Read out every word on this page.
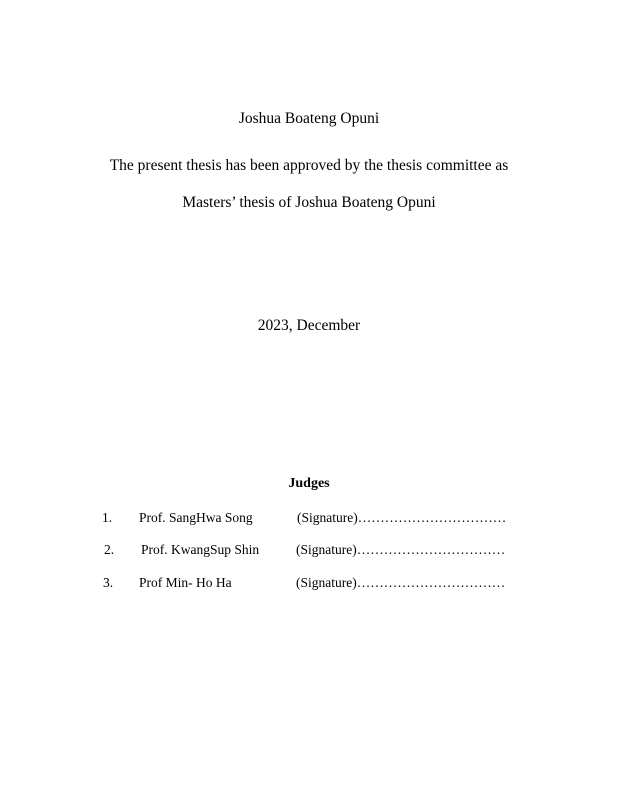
Joshua Boateng Opuni
The present thesis has been approved by the thesis committee as
Masters’ thesis of Joshua Boateng Opuni
2023, December
Judges
1. Prof. SangHwa Song	(Signature)……………………………
2. Prof. KwangSup Shin	(Signature)……………………………
3. Prof Min- Ho Ha	(Signature)……………………………
